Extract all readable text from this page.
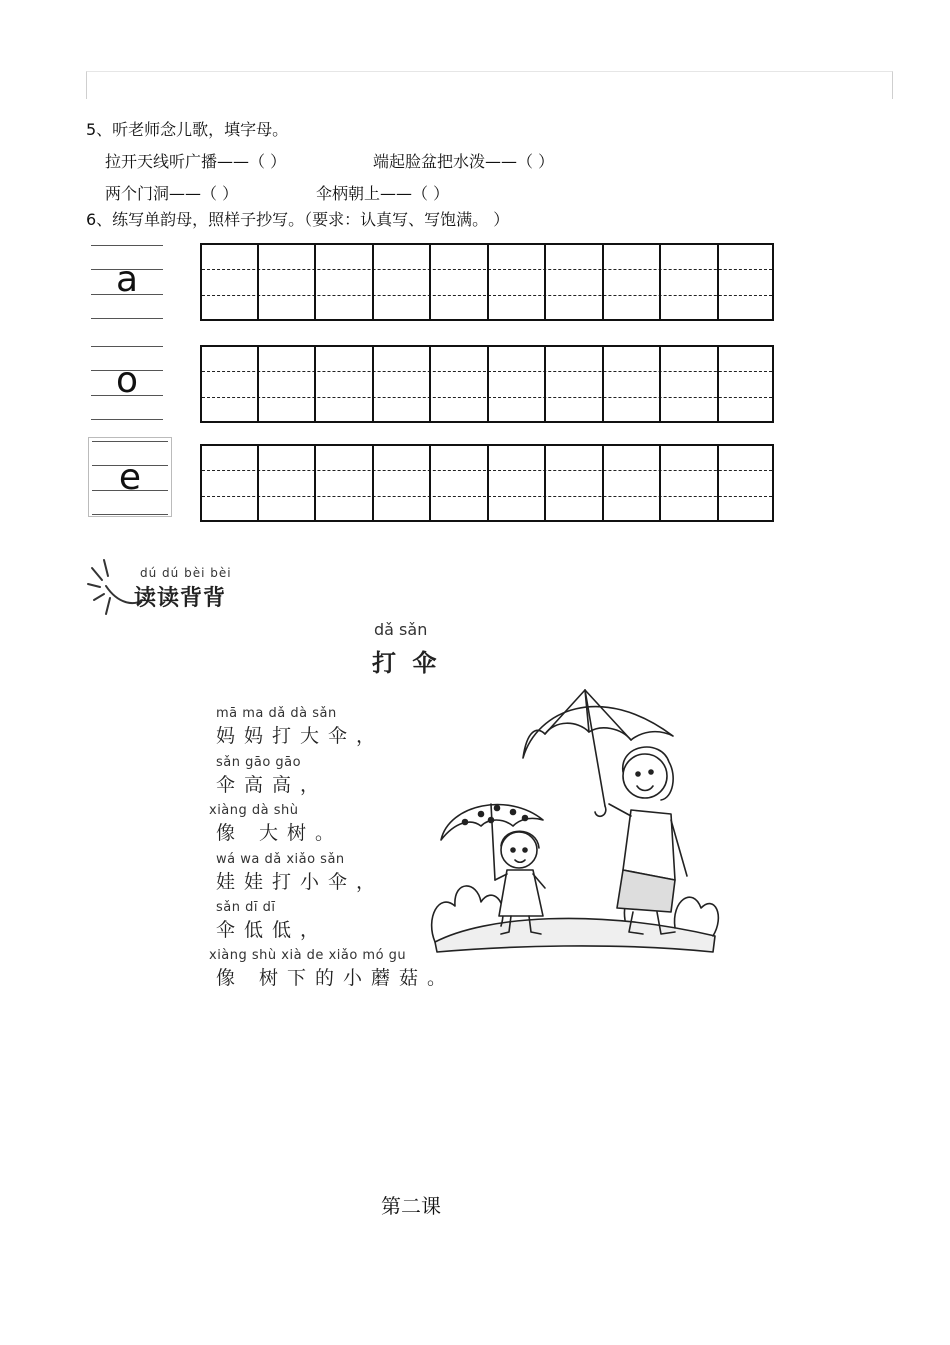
5、听老师念儿歌，填字母。
拉开天线听广播——（ ）	端起脸盆把水泼——（ ）
两个门洞——（ ）	伞柄朝上——（ ）
6、练写单韵母，照样子抄写。（要求：认真写、写饱满。 ）
a
o
e
dú dú bèi bèi
读读背背
dǎ sǎn
打 伞
mā ma dǎ dà sǎn
妈妈打大伞，
sǎn gāo gāo
伞高高，
xiàng dà shù
像 大树。
wá wa dǎ xiǎo sǎn
娃娃打小伞，
sǎn dī dī
伞低低，
xiàng shù xià de xiǎo mó gu
像 树下的小蘑菇。
第二课
